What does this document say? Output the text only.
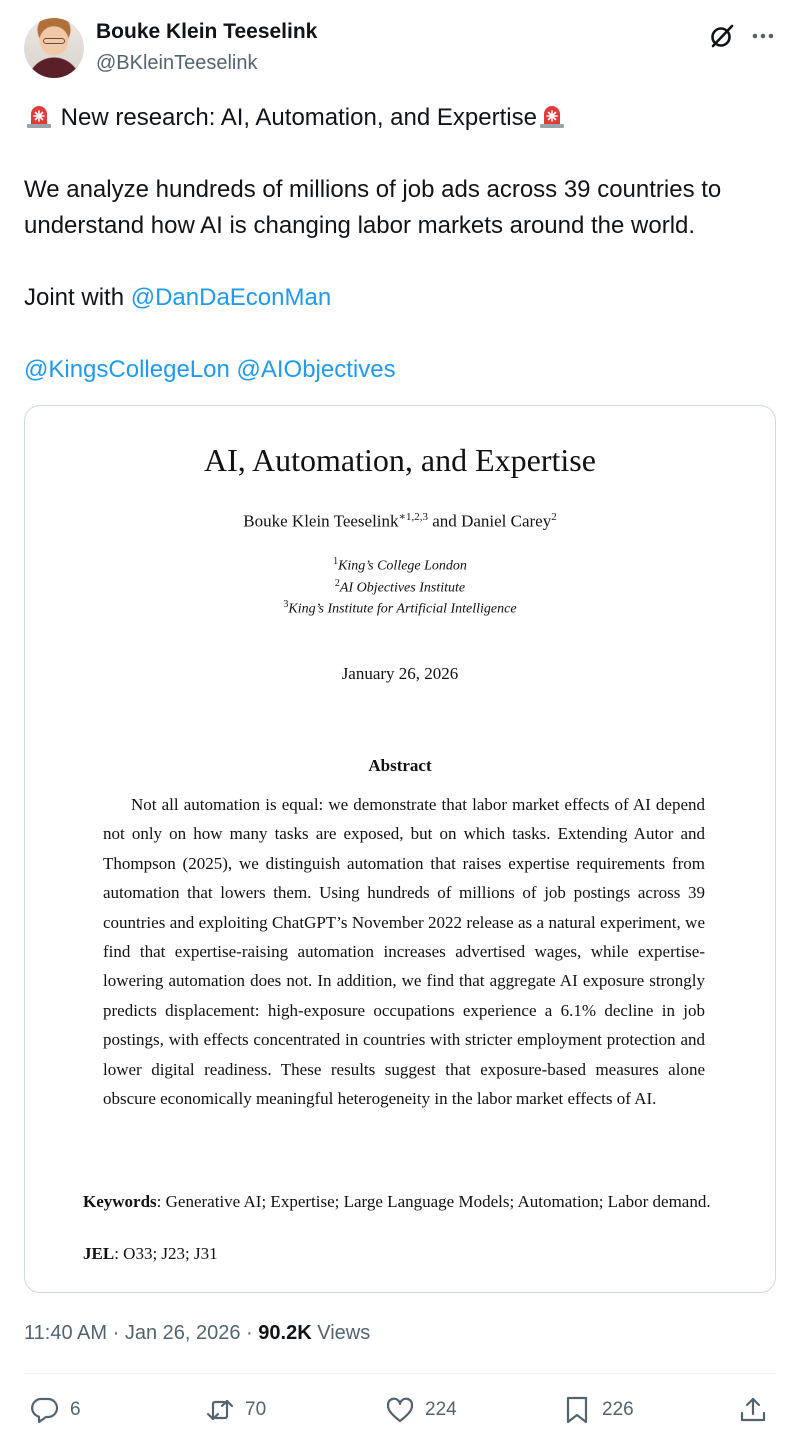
Bouke Klein Teeselink
@BKleinTeeselink

New research: AI, Automation, and Expertise

We analyze hundreds of millions of job ads across 39 countries to understand how AI is changing labor markets around the world.

Joint with @DanDaEconMan

@KingsCollegeLon @AIObjectives

AI, Automation, and Expertise
Bouke Klein Teeselink$^{∗1,2,3}$ and Daniel Carey$^2$
$^1$King’s College London
$^2$AI Objectives Institute
$^3$King’s Institute for Artificial Intelligence
January 26, 2026
Abstract
Not all automation is equal: we demonstrate that labor market effects of AI depend not only on how many tasks are exposed, but on which tasks. Extending Autor and Thompson (2025), we distinguish automation that raises expertise requirements from automation that lowers them. Using hundreds of millions of job postings across 39 countries and exploiting ChatGPT’s November 2022 release as a natural experiment, we find that expertise-raising automation increases advertised wages, while expertise-lowering automation does not. In addition, we find that aggregate AI exposure strongly predicts displacement: high-exposure occupations experience a 6.1% decline in job postings, with effects concentrated in countries with stricter employment protection and lower digital readiness. These results suggest that exposure-based measures alone obscure economically meaningful heterogeneity in the labor market effects of AI.
Keywords: Generative AI; Expertise; Large Language Models; Automation; Labor demand.
JEL: O33; J23; J31
11:40 AM · Jan 26, 2026 · 90.2K Views
6	70	224	226
